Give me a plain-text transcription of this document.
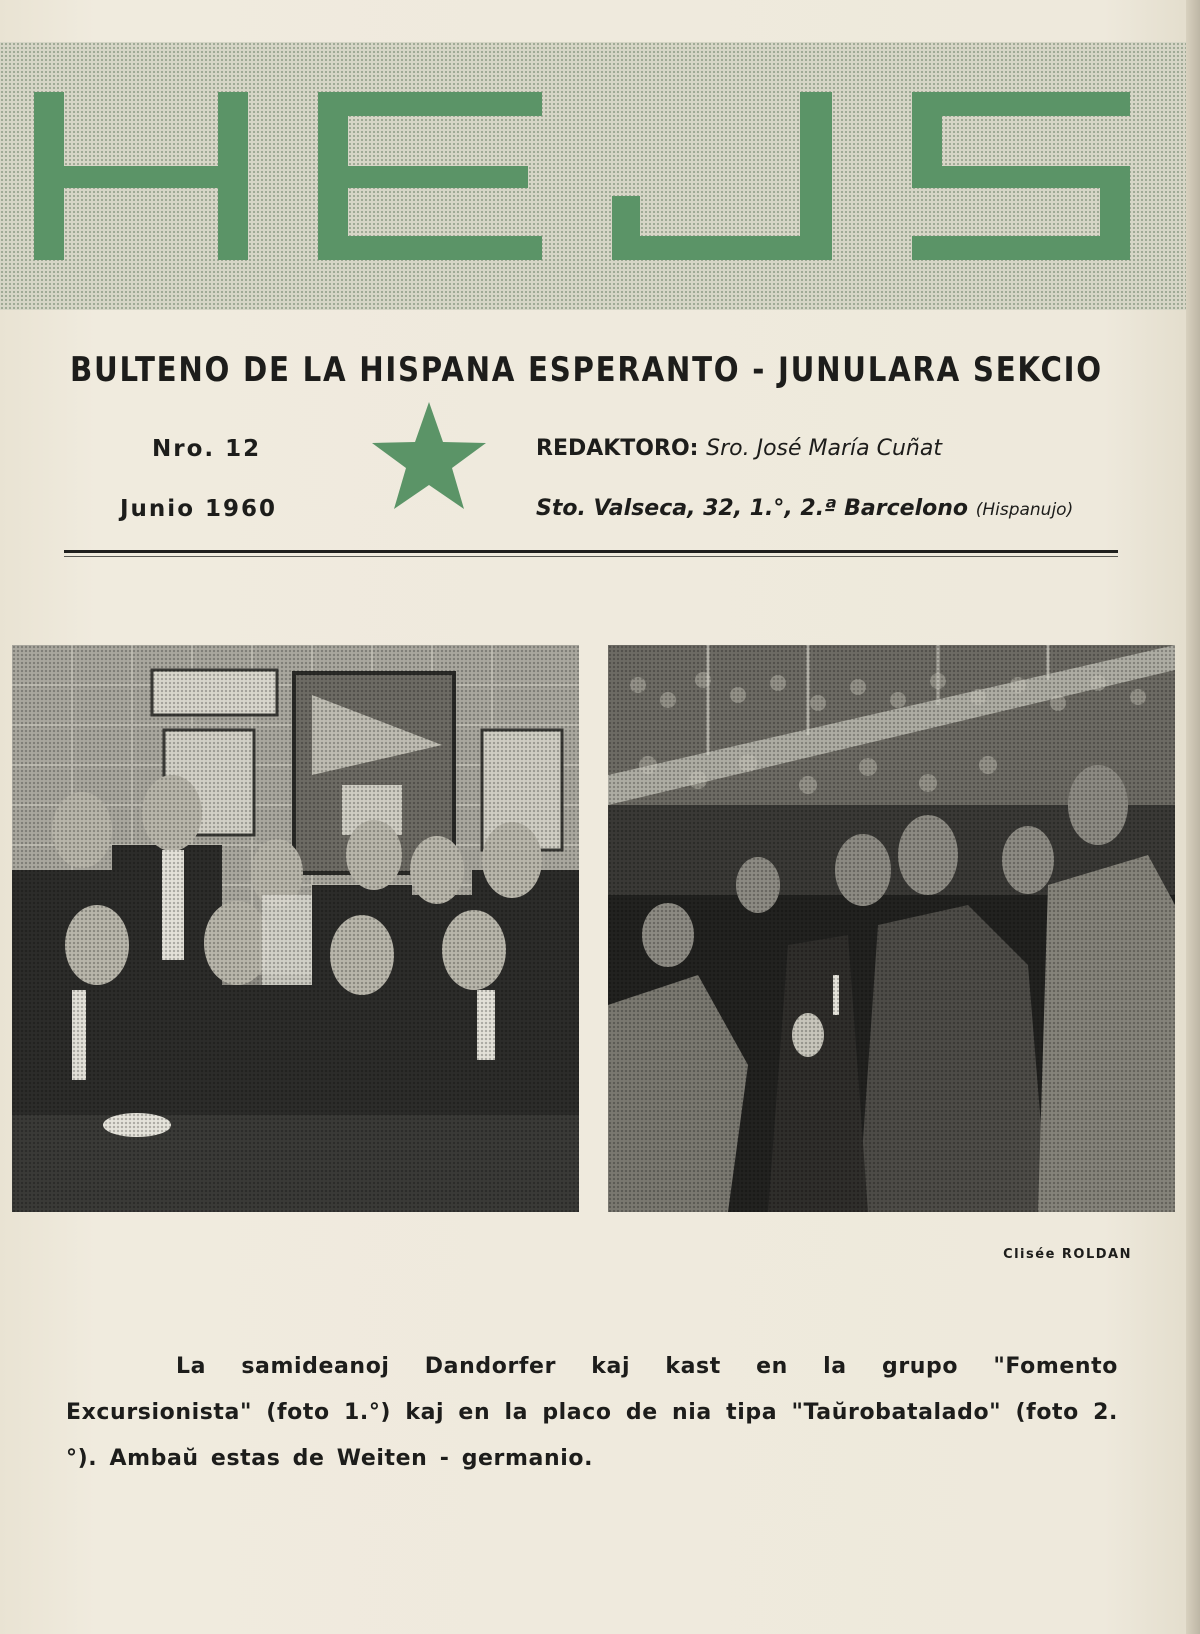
BULTENO DE LA HISPANA ESPERANTO - JUNULARA SEKCIO
Nro. 12
Junio 1960
REDAKTORO: Sro. José María Cuñat
Sto. Valseca, 32, 1.°, 2.ª Barcelono (Hispanujo)
Clisée ROLDAN

La samideanoj Dandorfer kaj kast en la grupo "Fomento Excursionista" (foto 1.°) kaj en la placo de nia tipa "Taŭrobatalado" (foto 2.°). Ambaŭ estas de Weiten - germanio.
